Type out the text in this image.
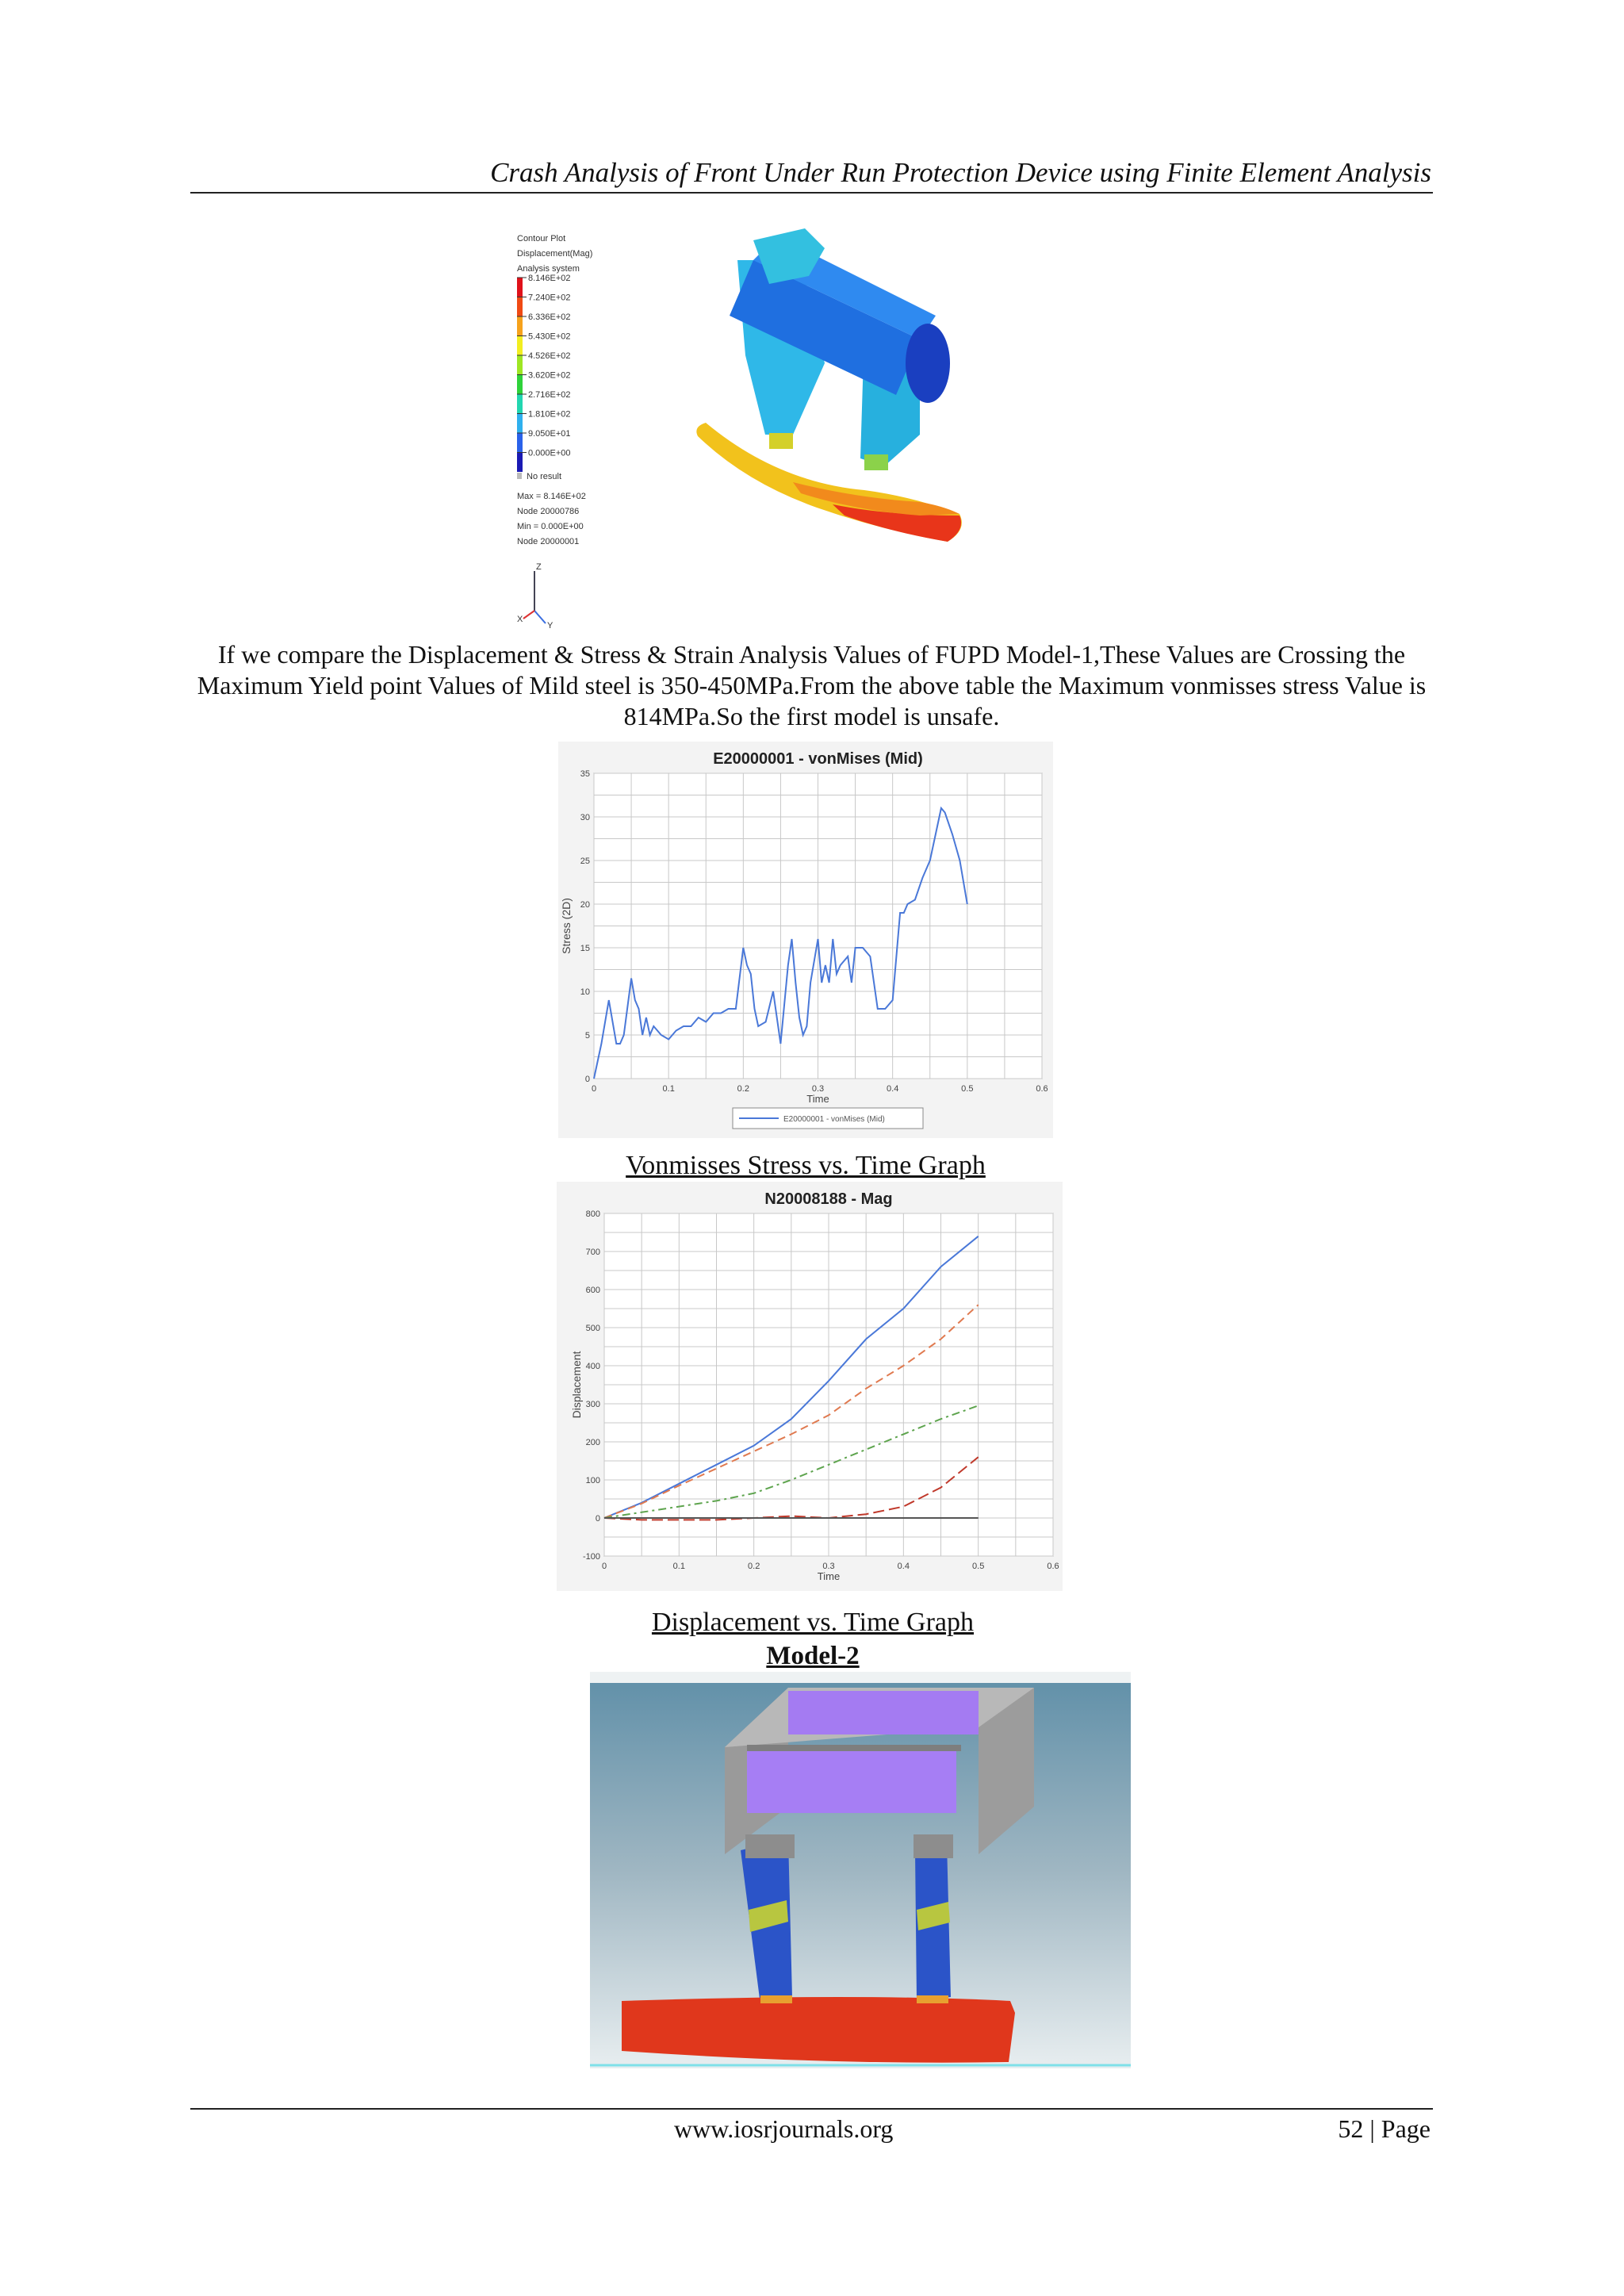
Crash Analysis of Front Under Run Protection Device using Finite Element Analysis
Contour Plot
Displacement(Mag)
Analysis system
8.146E+02
7.240E+02
6.336E+02
5.430E+02
4.526E+02
3.620E+02
2.716E+02
1.810E+02
9.050E+01
0.000E+00
No result
Max = 8.146E+02
Node 20000786
Min = 0.000E+00
Node 20000001
Z
X
Y
If we compare the Displacement & Stress & Strain Analysis Values of FUPD Model-1,These Values are Crossing the Maximum Yield point Values of Mild steel is 350-450MPa.From the above table the Maximum vonmisses stress Value is 814MPa.So the first model is unsafe.
E20000001 - vonMises (Mid)
0	0.1	0.2	0.3	0.4	0.5	0.6
0
5
10
15
20
25
30
35
Time
Stress (2D)
E20000001 - vonMises (Mid)
Vonmisses Stress vs. Time Graph
N20008188 - Mag
0	0.1	0.2	0.3	0.4	0.5	0.6
-100
0
100
200
300
400
500
600
700
800
Time
Displacement
Displacement vs. Time Graph
Model-2
www.iosrjournals.org	52 | Page
